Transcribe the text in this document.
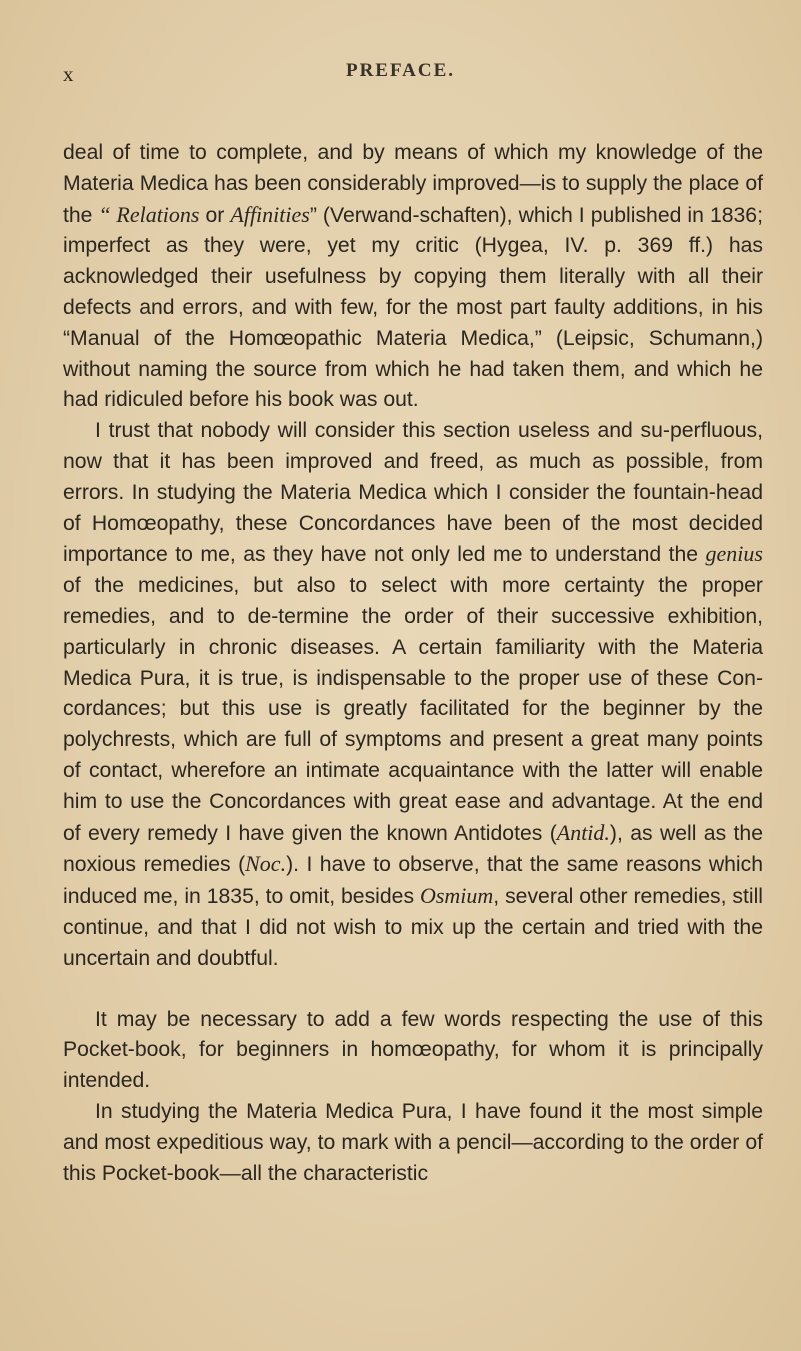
x	PREFACE.

deal of time to complete, and by means of which my knowledge of the Materia Medica has been considerably improved—is to supply the place of the “ Relations or Affinities” (Verwand-schaften), which I published in 1836; imperfect as they were, yet my critic (Hygea, IV. p. 369 ff.) has acknowledged their usefulness by copying them literally with all their defects and errors, and with few, for the most part faulty additions, in his “Manual of the Homœopathic Materia Medica,” (Leipsic, Schumann,) without naming the source from which he had taken them, and which he had ridiculed before his book was out.

I trust that nobody will consider this section useless and su-perfluous, now that it has been improved and freed, as much as possible, from errors. In studying the Materia Medica which I consider the fountain-head of Homœopathy, these Concordances have been of the most decided importance to me, as they have not only led me to understand the genius of the medicines, but also to select with more certainty the proper remedies, and to de-termine the order of their successive exhibition, particularly in chronic diseases. A certain familiarity with the Materia Medica Pura, it is true, is indispensable to the proper use of these Con-cordances; but this use is greatly facilitated for the beginner by the polychrests, which are full of symptoms and present a great many points of contact, wherefore an intimate acquaintance with the latter will enable him to use the Concordances with great ease and advantage. At the end of every remedy I have given the known Antidotes (Antid.), as well as the noxious remedies (Noc.). I have to observe, that the same reasons which induced me, in 1835, to omit, besides Osmium, several other remedies, still continue, and that I did not wish to mix up the certain and tried with the uncertain and doubtful.

It may be necessary to add a few words respecting the use of this Pocket-book, for beginners in homœopathy, for whom it is principally intended.

In studying the Materia Medica Pura, I have found it the most simple and most expeditious way, to mark with a pencil—according to the order of this Pocket-book—all the characteristic
